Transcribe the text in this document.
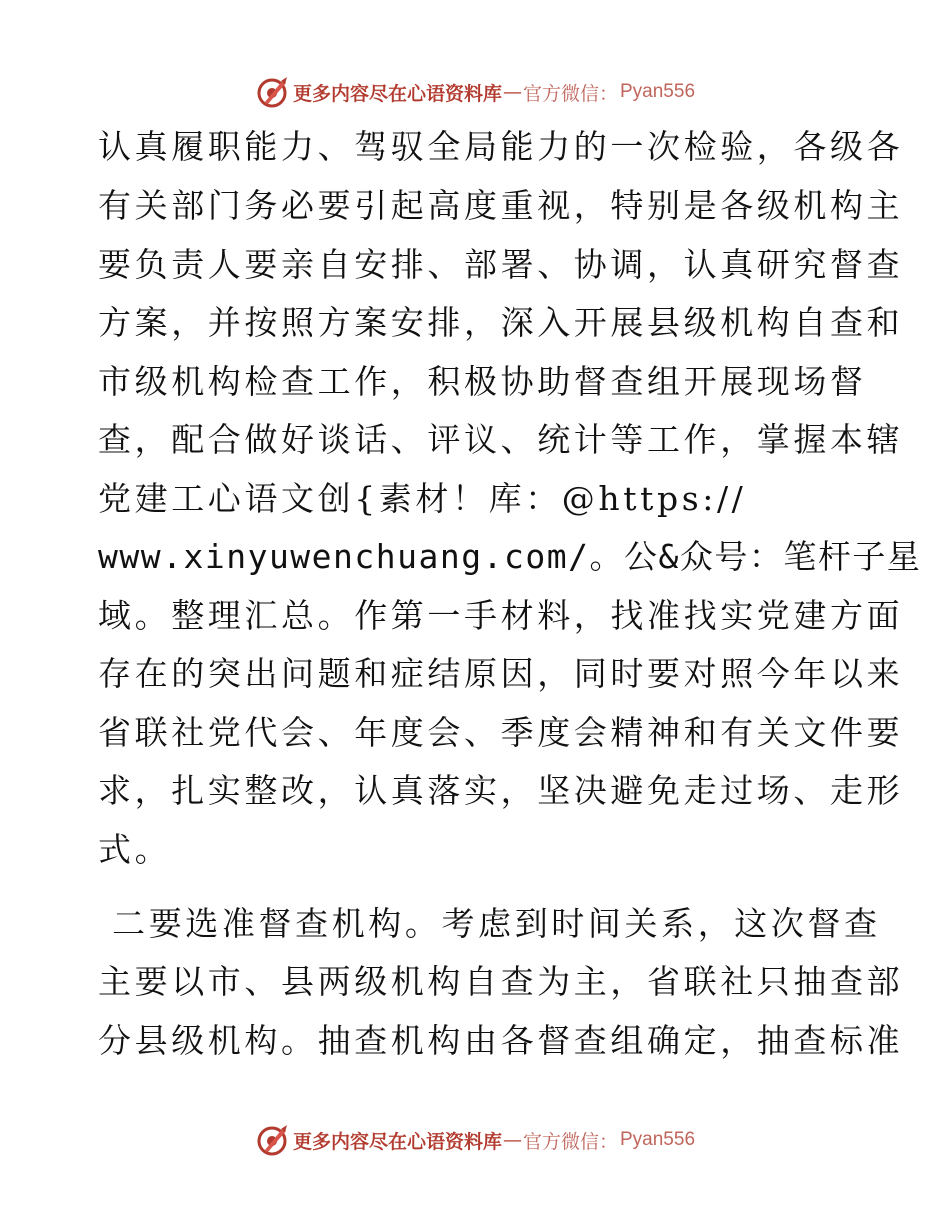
更多内容尽在心语资料库 — 官方微信： Pyan556
认真履职能力、驾驭全局能力的一次检验，各级各
有关部门务必要引起高度重视，特别是各级机构主
要负责人要亲自安排、部署、协调，认真研究督查
方案，并按照方案安排，深入开展县级机构自查和
市级机构检查工作，积极协助督查组开展现场督
查，配合做好谈话、评议、统计等工作，掌握本辖
党建工心语文创{素材！库：@https://
www.xinyuwenchuang.com/。公&众号：笔杆子星
域。整理汇总。作第一手材料，找准找实党建方面
存在的突出问题和症结原因，同时要对照今年以来
省联社党代会、年度会、季度会精神和有关文件要
求，扎实整改，认真落实，坚决避免走过场、走形
式。
二要选准督查机构。考虑到时间关系，这次督查
主要以市、县两级机构自查为主，省联社只抽查部
分县级机构。抽查机构由各督查组确定，抽查标准
更多内容尽在心语资料库 — 官方微信： Pyan556
